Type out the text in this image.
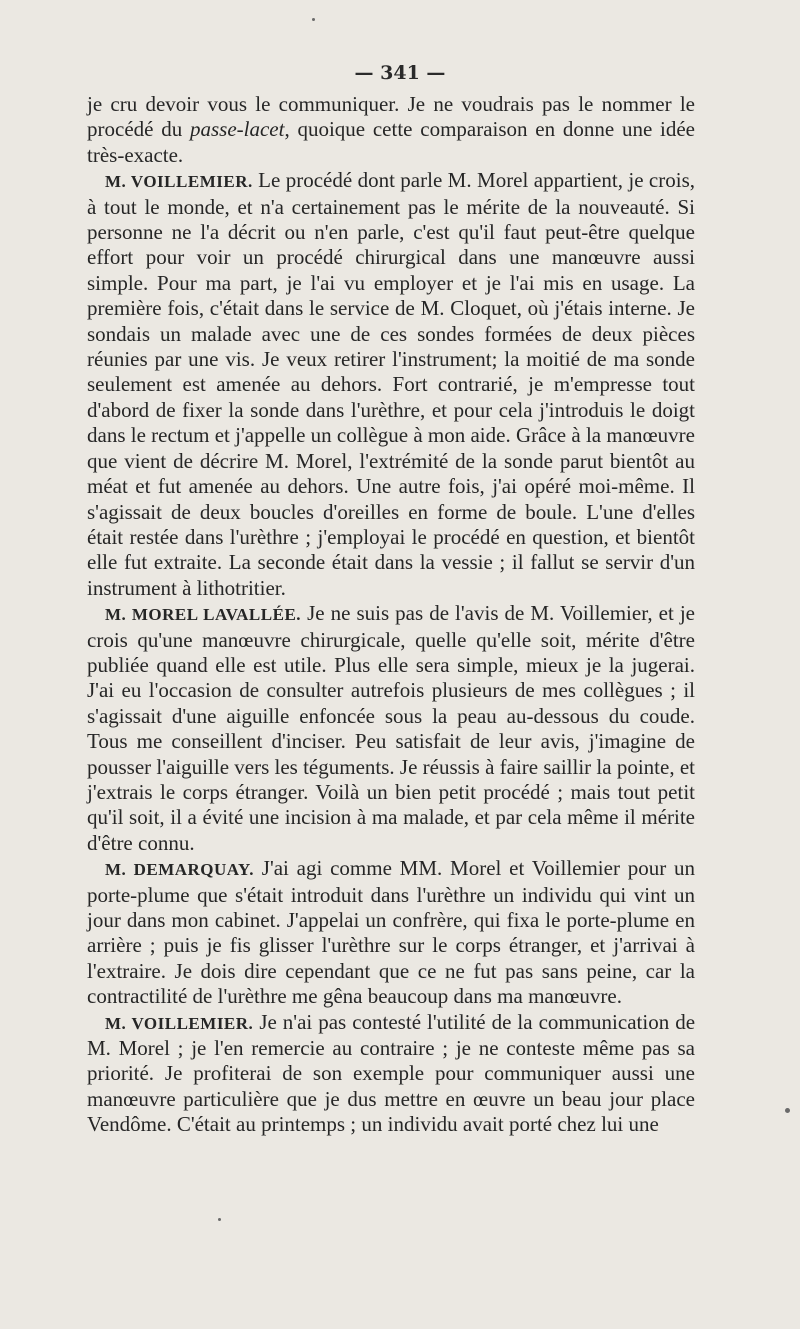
— 341 —

je cru devoir vous le communiquer. Je ne voudrais pas le nommer le procédé du passe-lacet, quoique cette comparaison en donne une idée très-exacte.

M. VOILLEMIER. Le procédé dont parle M. Morel appartient, je crois, à tout le monde, et n'a certainement pas le mérite de la nouveauté. Si personne ne l'a décrit ou n'en parle, c'est qu'il faut peut-être quelque effort pour voir un procédé chirurgical dans une manœuvre aussi simple. Pour ma part, je l'ai vu employer et je l'ai mis en usage. La première fois, c'était dans le service de M. Cloquet, où j'étais interne. Je sondais un malade avec une de ces sondes formées de deux pièces réunies par une vis. Je veux retirer l'instrument; la moitié de ma sonde seulement est amenée au dehors. Fort contrarié, je m'empresse tout d'abord de fixer la sonde dans l'urèthre, et pour cela j'introduis le doigt dans le rectum et j'appelle un collègue à mon aide. Grâce à la manœuvre que vient de décrire M. Morel, l'extrémité de la sonde parut bientôt au méat et fut amenée au dehors. Une autre fois, j'ai opéré moi-même. Il s'agissait de deux boucles d'oreilles en forme de boule. L'une d'elles était restée dans l'urèthre ; j'employai le procédé en question, et bientôt elle fut extraite. La seconde était dans la vessie ; il fallut se servir d'un instrument à lithotritier.

M. MOREL LAVALLÉE. Je ne suis pas de l'avis de M. Voillemier, et je crois qu'une manœuvre chirurgicale, quelle qu'elle soit, mérite d'être publiée quand elle est utile. Plus elle sera simple, mieux je la jugerai. J'ai eu l'occasion de consulter autrefois plusieurs de mes collègues ; il s'agissait d'une aiguille enfoncée sous la peau au-dessous du coude. Tous me conseillent d'inciser. Peu satisfait de leur avis, j'imagine de pousser l'aiguille vers les téguments. Je réussis à faire saillir la pointe, et j'extrais le corps étranger. Voilà un bien petit procédé ; mais tout petit qu'il soit, il a évité une incision à ma malade, et par cela même il mérite d'être connu.

M. DEMARQUAY. J'ai agi comme MM. Morel et Voillemier pour un porte-plume que s'était introduit dans l'urèthre un individu qui vint un jour dans mon cabinet. J'appelai un confrère, qui fixa le porte-plume en arrière ; puis je fis glisser l'urèthre sur le corps étranger, et j'arrivai à l'extraire. Je dois dire cependant que ce ne fut pas sans peine, car la contractilité de l'urèthre me gêna beaucoup dans ma manœuvre.

M. VOILLEMIER. Je n'ai pas contesté l'utilité de la communication de M. Morel ; je l'en remercie au contraire ; je ne conteste même pas sa priorité. Je profiterai de son exemple pour communiquer aussi une manœuvre particulière que je dus mettre en œuvre un beau jour place Vendôme. C'était au printemps ; un individu avait porté chez lui une
